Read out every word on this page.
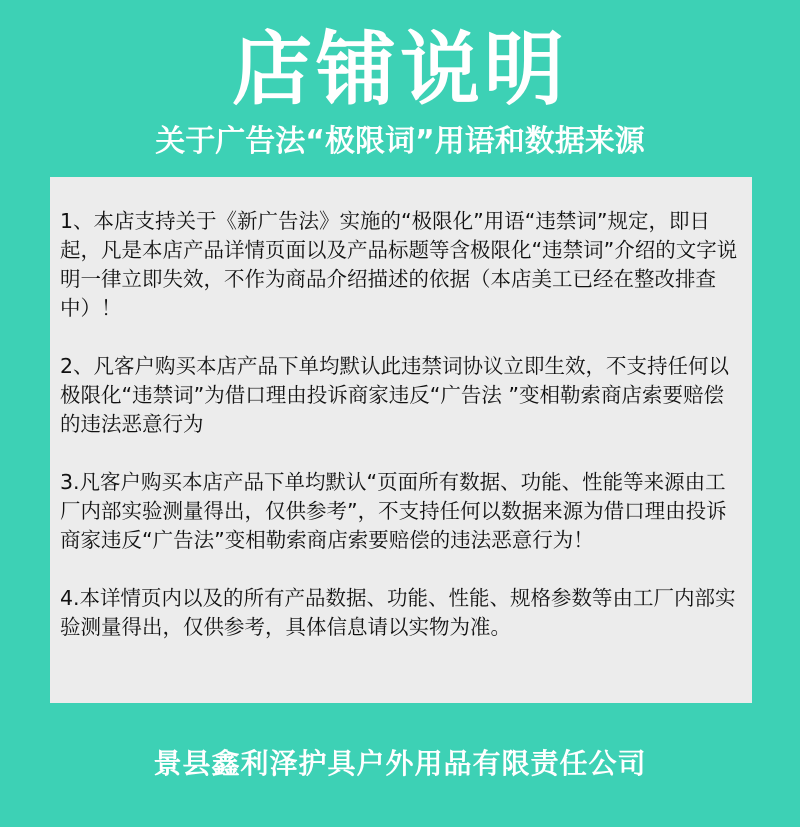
店铺说明
关于广告法“极限词”用语和数据来源

1、本店支持关于《新广告法》实施的“极限化”用语“违禁词”规定，即日起，凡是本店产品详情页面以及产品标题等含极限化“违禁词”介绍的文字说明一律立即失效，不作为商品介绍描述的依据（本店美工已经在整改排查中）！

2、凡客户购买本店产品下单均默认此违禁词协议立即生效，不支持任何以极限化“违禁词”为借口理由投诉商家违反“广告法 ”变相勒索商店索要赔偿的违法恶意行为

3.凡客户购买本店产品下单均默认“页面所有数据、功能、性能等来源由工厂内部实验测量得出，仅供参考”，不支持任何以数据来源为借口理由投诉商家违反“广告法”变相勒索商店索要赔偿的违法恶意行为！

4.本详情页内以及的所有产品数据、功能、性能、规格参数等由工厂内部实验测量得出，仅供参考，具体信息请以实物为准。

景县鑫利泽护具户外用品有限责任公司
